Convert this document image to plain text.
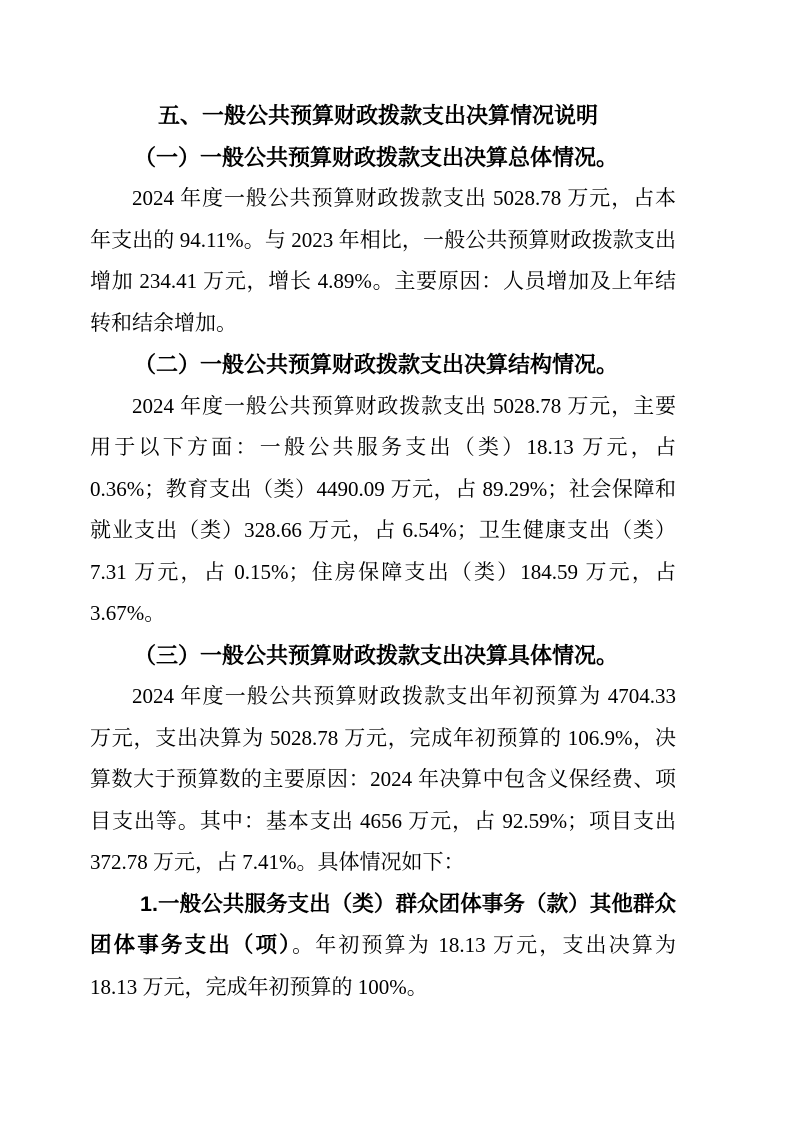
五、一般公共预算财政拨款支出决算情况说明
（一）一般公共预算财政拨款支出决算总体情况。

2024 年度一般公共预算财政拨款支出 5028.78 万元，占本年支出的 94.11%。与 2023 年相比，一般公共预算财政拨款支出增加 234.41 万元，增长 4.89%。主要原因：人员增加及上年结转和结余增加。

（二）一般公共预算财政拨款支出决算结构情况。

2024 年度一般公共预算财政拨款支出 5028.78 万元，主要用于以下方面：一般公共服务支出（类）18.13 万元，占 0.36%；教育支出（类）4490.09 万元，占 89.29%；社会保障和就业支出（类）328.66 万元，占 6.54%；卫生健康支出（类）7.31 万元，占 0.15%；住房保障支出（类）184.59 万元，占 3.67%。

（三）一般公共预算财政拨款支出决算具体情况。

2024 年度一般公共预算财政拨款支出年初预算为 4704.33 万元，支出决算为 5028.78 万元，完成年初预算的 106.9%，决算数大于预算数的主要原因：2024 年决算中包含义保经费、项目支出等。其中：基本支出 4656 万元，占 92.59%；项目支出 372.78 万元，占 7.41%。具体情况如下：

1.一般公共服务支出（类）群众团体事务（款）其他群众团体事务支出（项）。年初预算为 18.13 万元，支出决算为 18.13 万元，完成年初预算的 100%。
